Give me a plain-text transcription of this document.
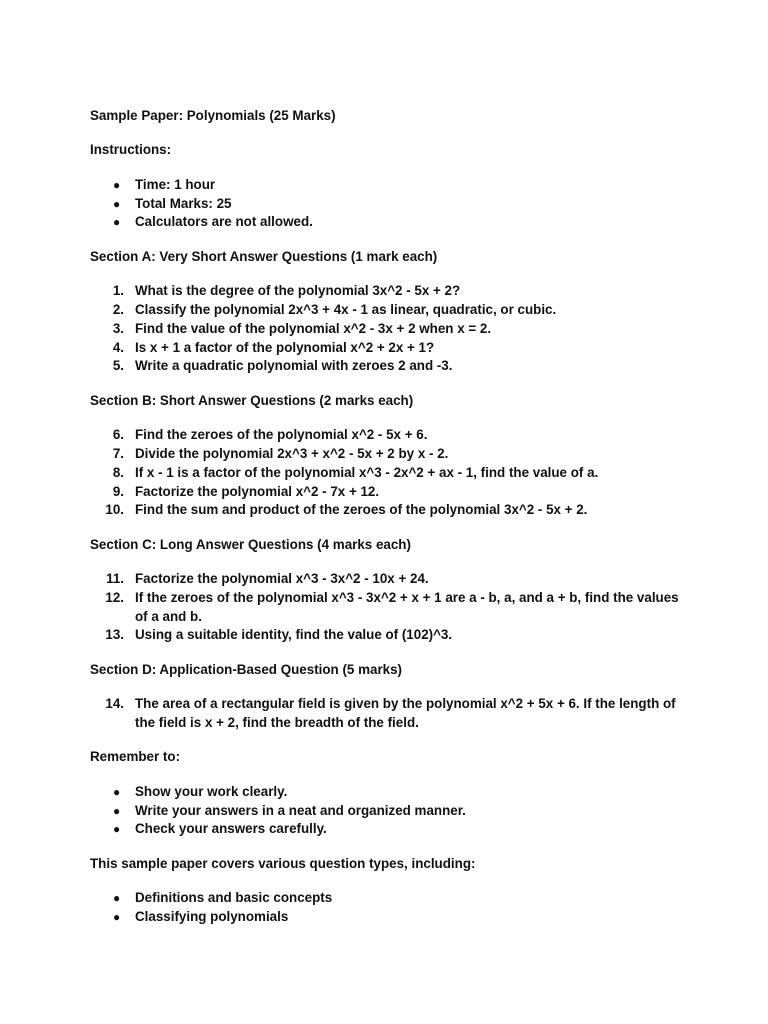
Sample Paper: Polynomials (25 Marks)

Instructions:

● Time: 1 hour
● Total Marks: 25
● Calculators are not allowed.

Section A: Very Short Answer Questions (1 mark each)

1. What is the degree of the polynomial 3x^2 - 5x + 2?
2. Classify the polynomial 2x^3 + 4x - 1 as linear, quadratic, or cubic.
3. Find the value of the polynomial x^2 - 3x + 2 when x = 2.
4. Is x + 1 a factor of the polynomial x^2 + 2x + 1?
5. Write a quadratic polynomial with zeroes 2 and -3.

Section B: Short Answer Questions (2 marks each)

6. Find the zeroes of the polynomial x^2 - 5x + 6.
7. Divide the polynomial 2x^3 + x^2 - 5x + 2 by x - 2.
8. If x - 1 is a factor of the polynomial x^3 - 2x^2 + ax - 1, find the value of a.
9. Factorize the polynomial x^2 - 7x + 12.
10. Find the sum and product of the zeroes of the polynomial 3x^2 - 5x + 2.

Section C: Long Answer Questions (4 marks each)

11. Factorize the polynomial x^3 - 3x^2 - 10x + 24.
12. If the zeroes of the polynomial x^3 - 3x^2 + x + 1 are a - b, a, and a + b, find the values of a and b.
13. Using a suitable identity, find the value of (102)^3.

Section D: Application-Based Question (5 marks)

14. The area of a rectangular field is given by the polynomial x^2 + 5x + 6. If the length of the field is x + 2, find the breadth of the field.

Remember to:

● Show your work clearly.
● Write your answers in a neat and organized manner.
● Check your answers carefully.

This sample paper covers various question types, including:

● Definitions and basic concepts
● Classifying polynomials
